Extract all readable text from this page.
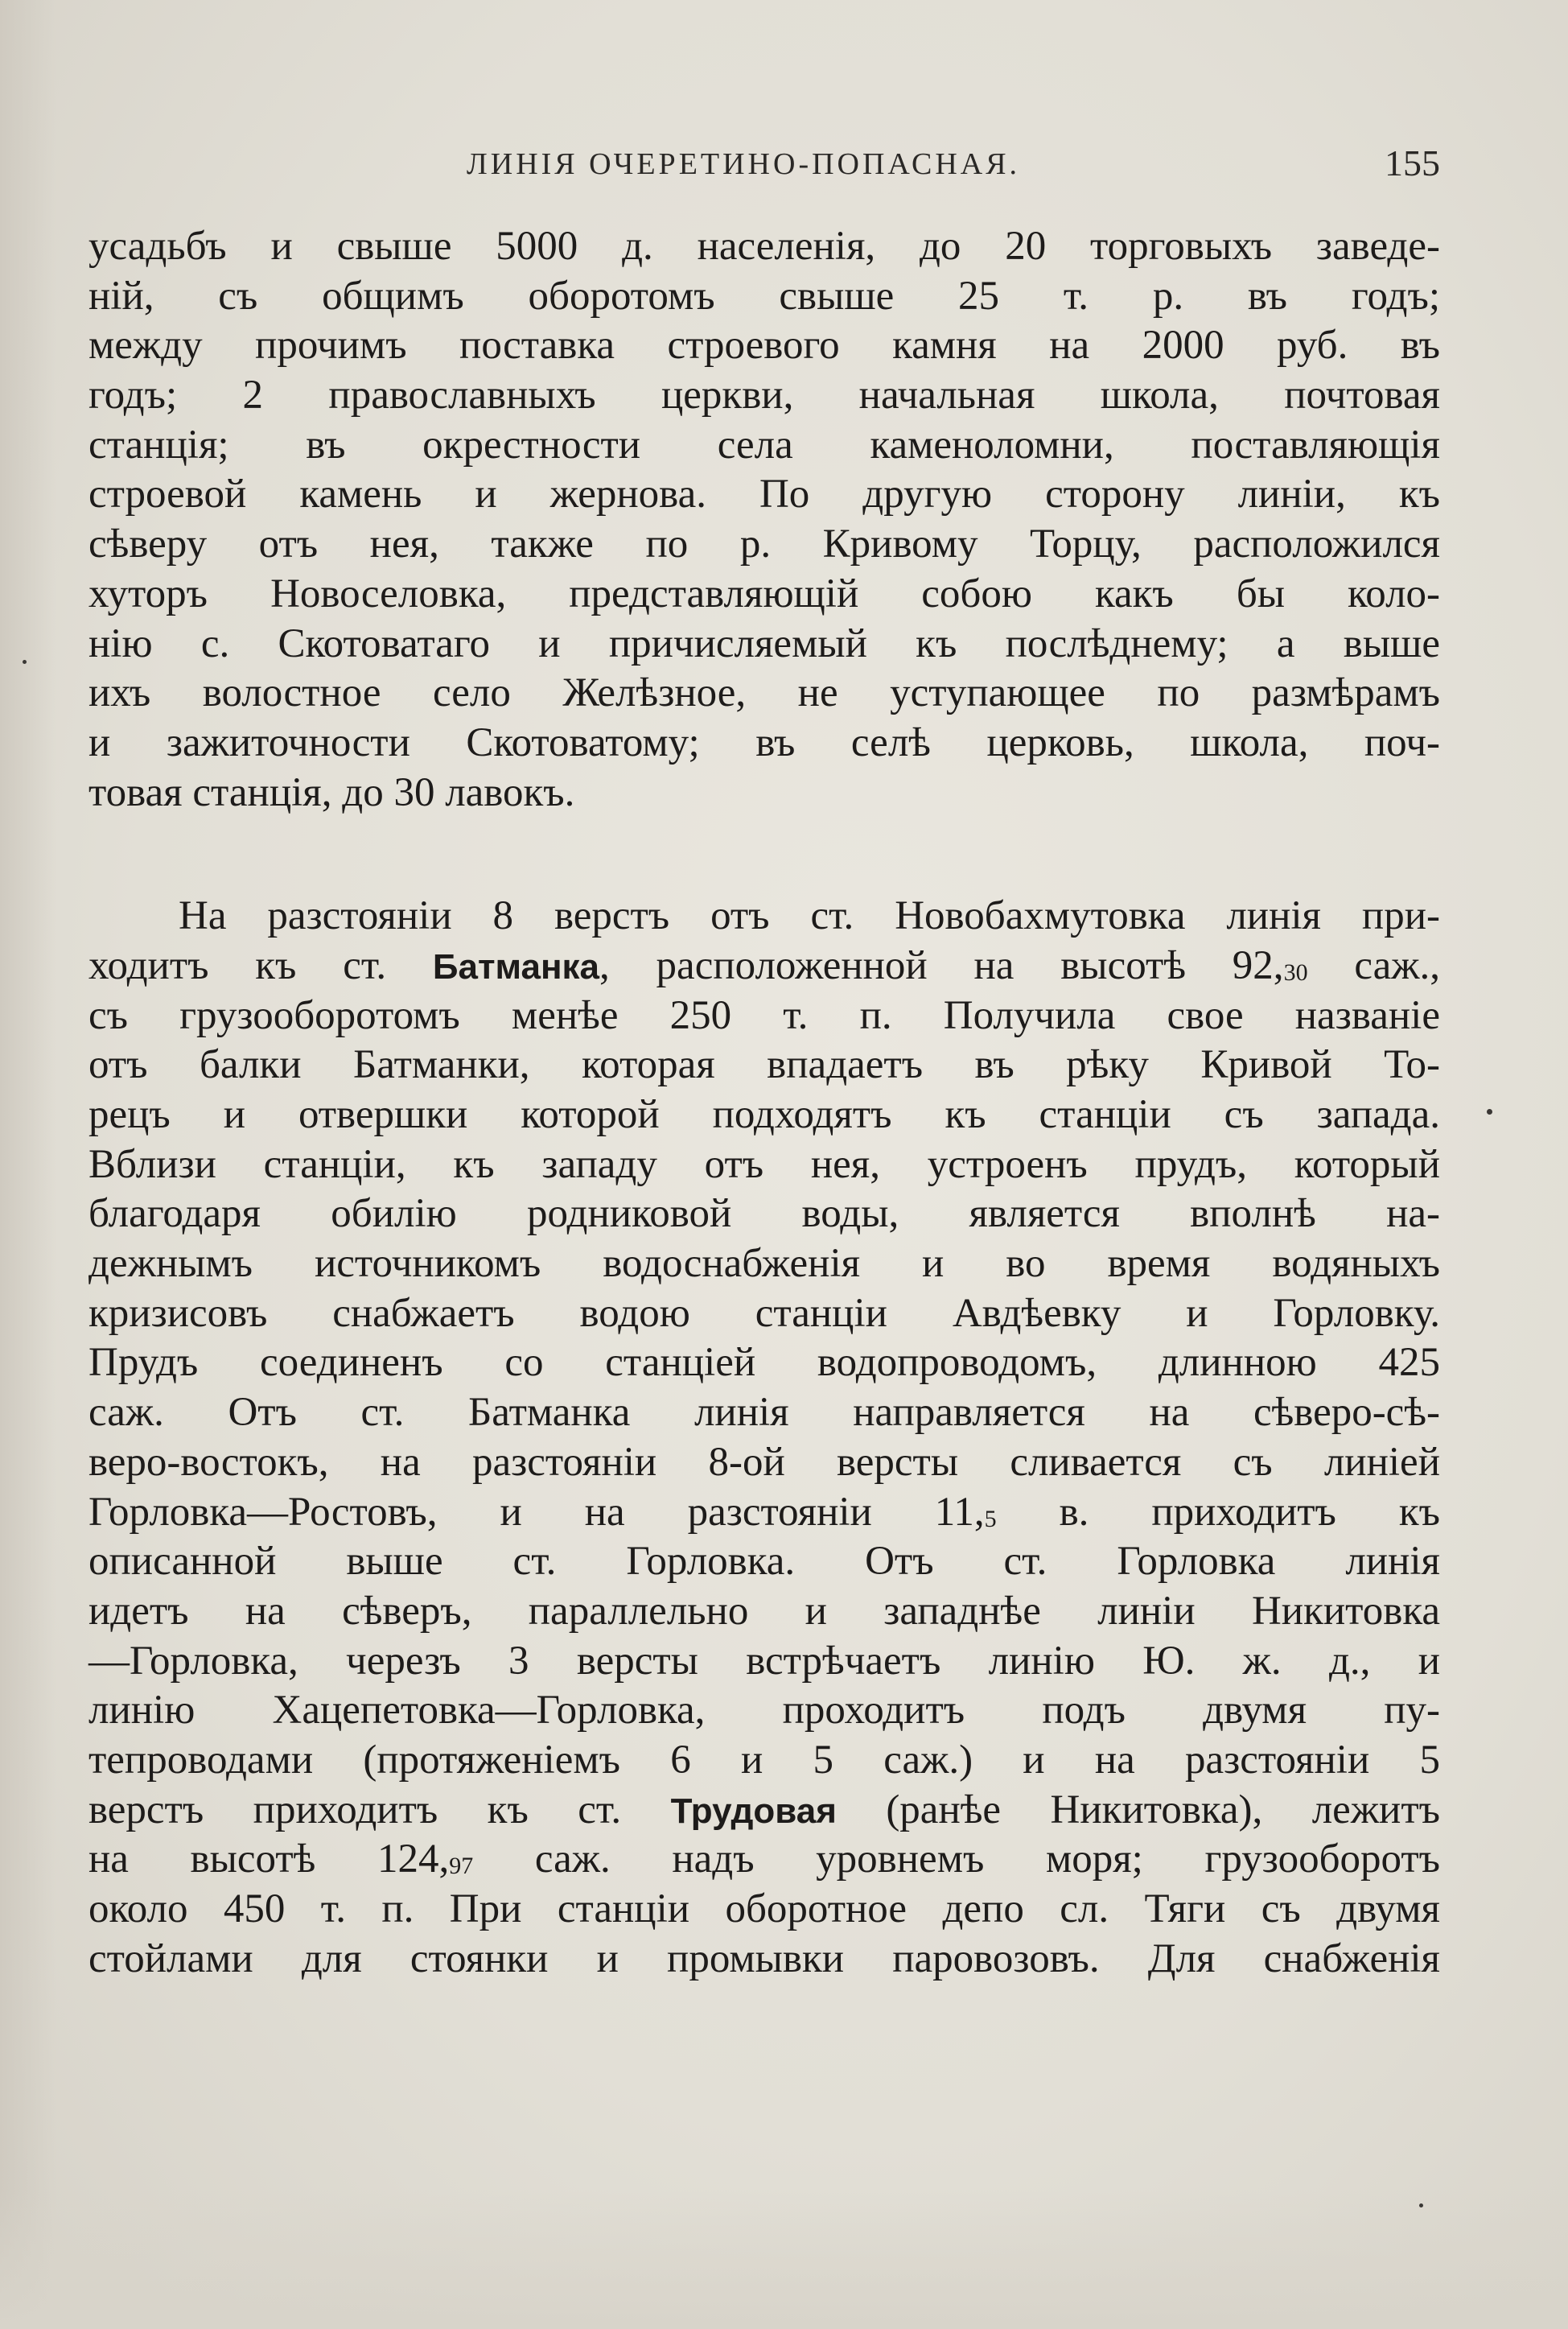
ЛИНІЯ ОЧЕРЕТИНО-ПОПАСНАЯ.	155
усадьбъ и свыше 5000 д. населенія, до 20 торговыхъ заведе-
ній, съ общимъ оборотомъ свыше 25 т. р. въ годъ;
между прочимъ поставка строевого камня на 2000 руб. въ
годъ; 2 православныхъ церкви, начальная школа, почтовая
станція; въ окрестности села каменоломни, поставляющія
строевой камень и жернова. По другую сторону линіи, къ
сѣверу отъ нея, также по р. Кривому Торцу, расположился
хуторъ Новоселовка, представляющій собою какъ бы коло-
нію с. Скотоватаго и причисляемый къ послѣднему; а выше
ихъ волостное село Желѣзное, не уступающее по размѣрамъ
и зажиточности Скотоватому; въ селѣ церковь, школа, поч-
товая станція, до 30 лавокъ.
На разстояніи 8 верстъ отъ ст. Новобахмутовка линія при-
ходитъ къ ст. Батманка, расположенной на высотѣ 92,30 саж.,
съ грузооборотомъ менѣе 250 т. п. Получила свое названіе
отъ балки Батманки, которая впадаетъ въ рѣку Кривой То-
рецъ и отвершки которой подходятъ къ станціи съ запада.
Вблизи станціи, къ западу отъ нея, устроенъ прудъ, который
благодаря обилію родниковой воды, является вполнѣ на-
дежнымъ источникомъ водоснабженія и во время водяныхъ
кризисовъ снабжаетъ водою станціи Авдѣевку и Горловку.
Прудъ соединенъ со станціей водопроводомъ, длинною 425
саж. Отъ ст. Батманка линія направляется на сѣверо-сѣ-
веро-востокъ, на разстояніи 8-ой версты сливается съ линіей
Горловка—Ростовъ, и на разстояніи 11,5 в. приходитъ къ
описанной выше ст. Горловка. Отъ ст. Горловка линія
идетъ на сѣверъ, параллельно и западнѣе линіи Никитовка
—Горловка, черезъ 3 версты встрѣчаетъ линію Ю. ж. д., и
линію Хацепетовка—Горловка, проходитъ подъ двумя пу-
тепроводами (протяженіемъ 6 и 5 саж.) и на разстояніи 5
верстъ приходитъ къ ст. Трудовая (ранѣе Никитовка), лежитъ
на высотѣ 124,97 саж. надъ уровнемъ моря; грузооборотъ
около 450 т. п. При станціи оборотное депо сл. Тяги съ двумя
стойлами для стоянки и промывки паровозовъ. Для снабженія
